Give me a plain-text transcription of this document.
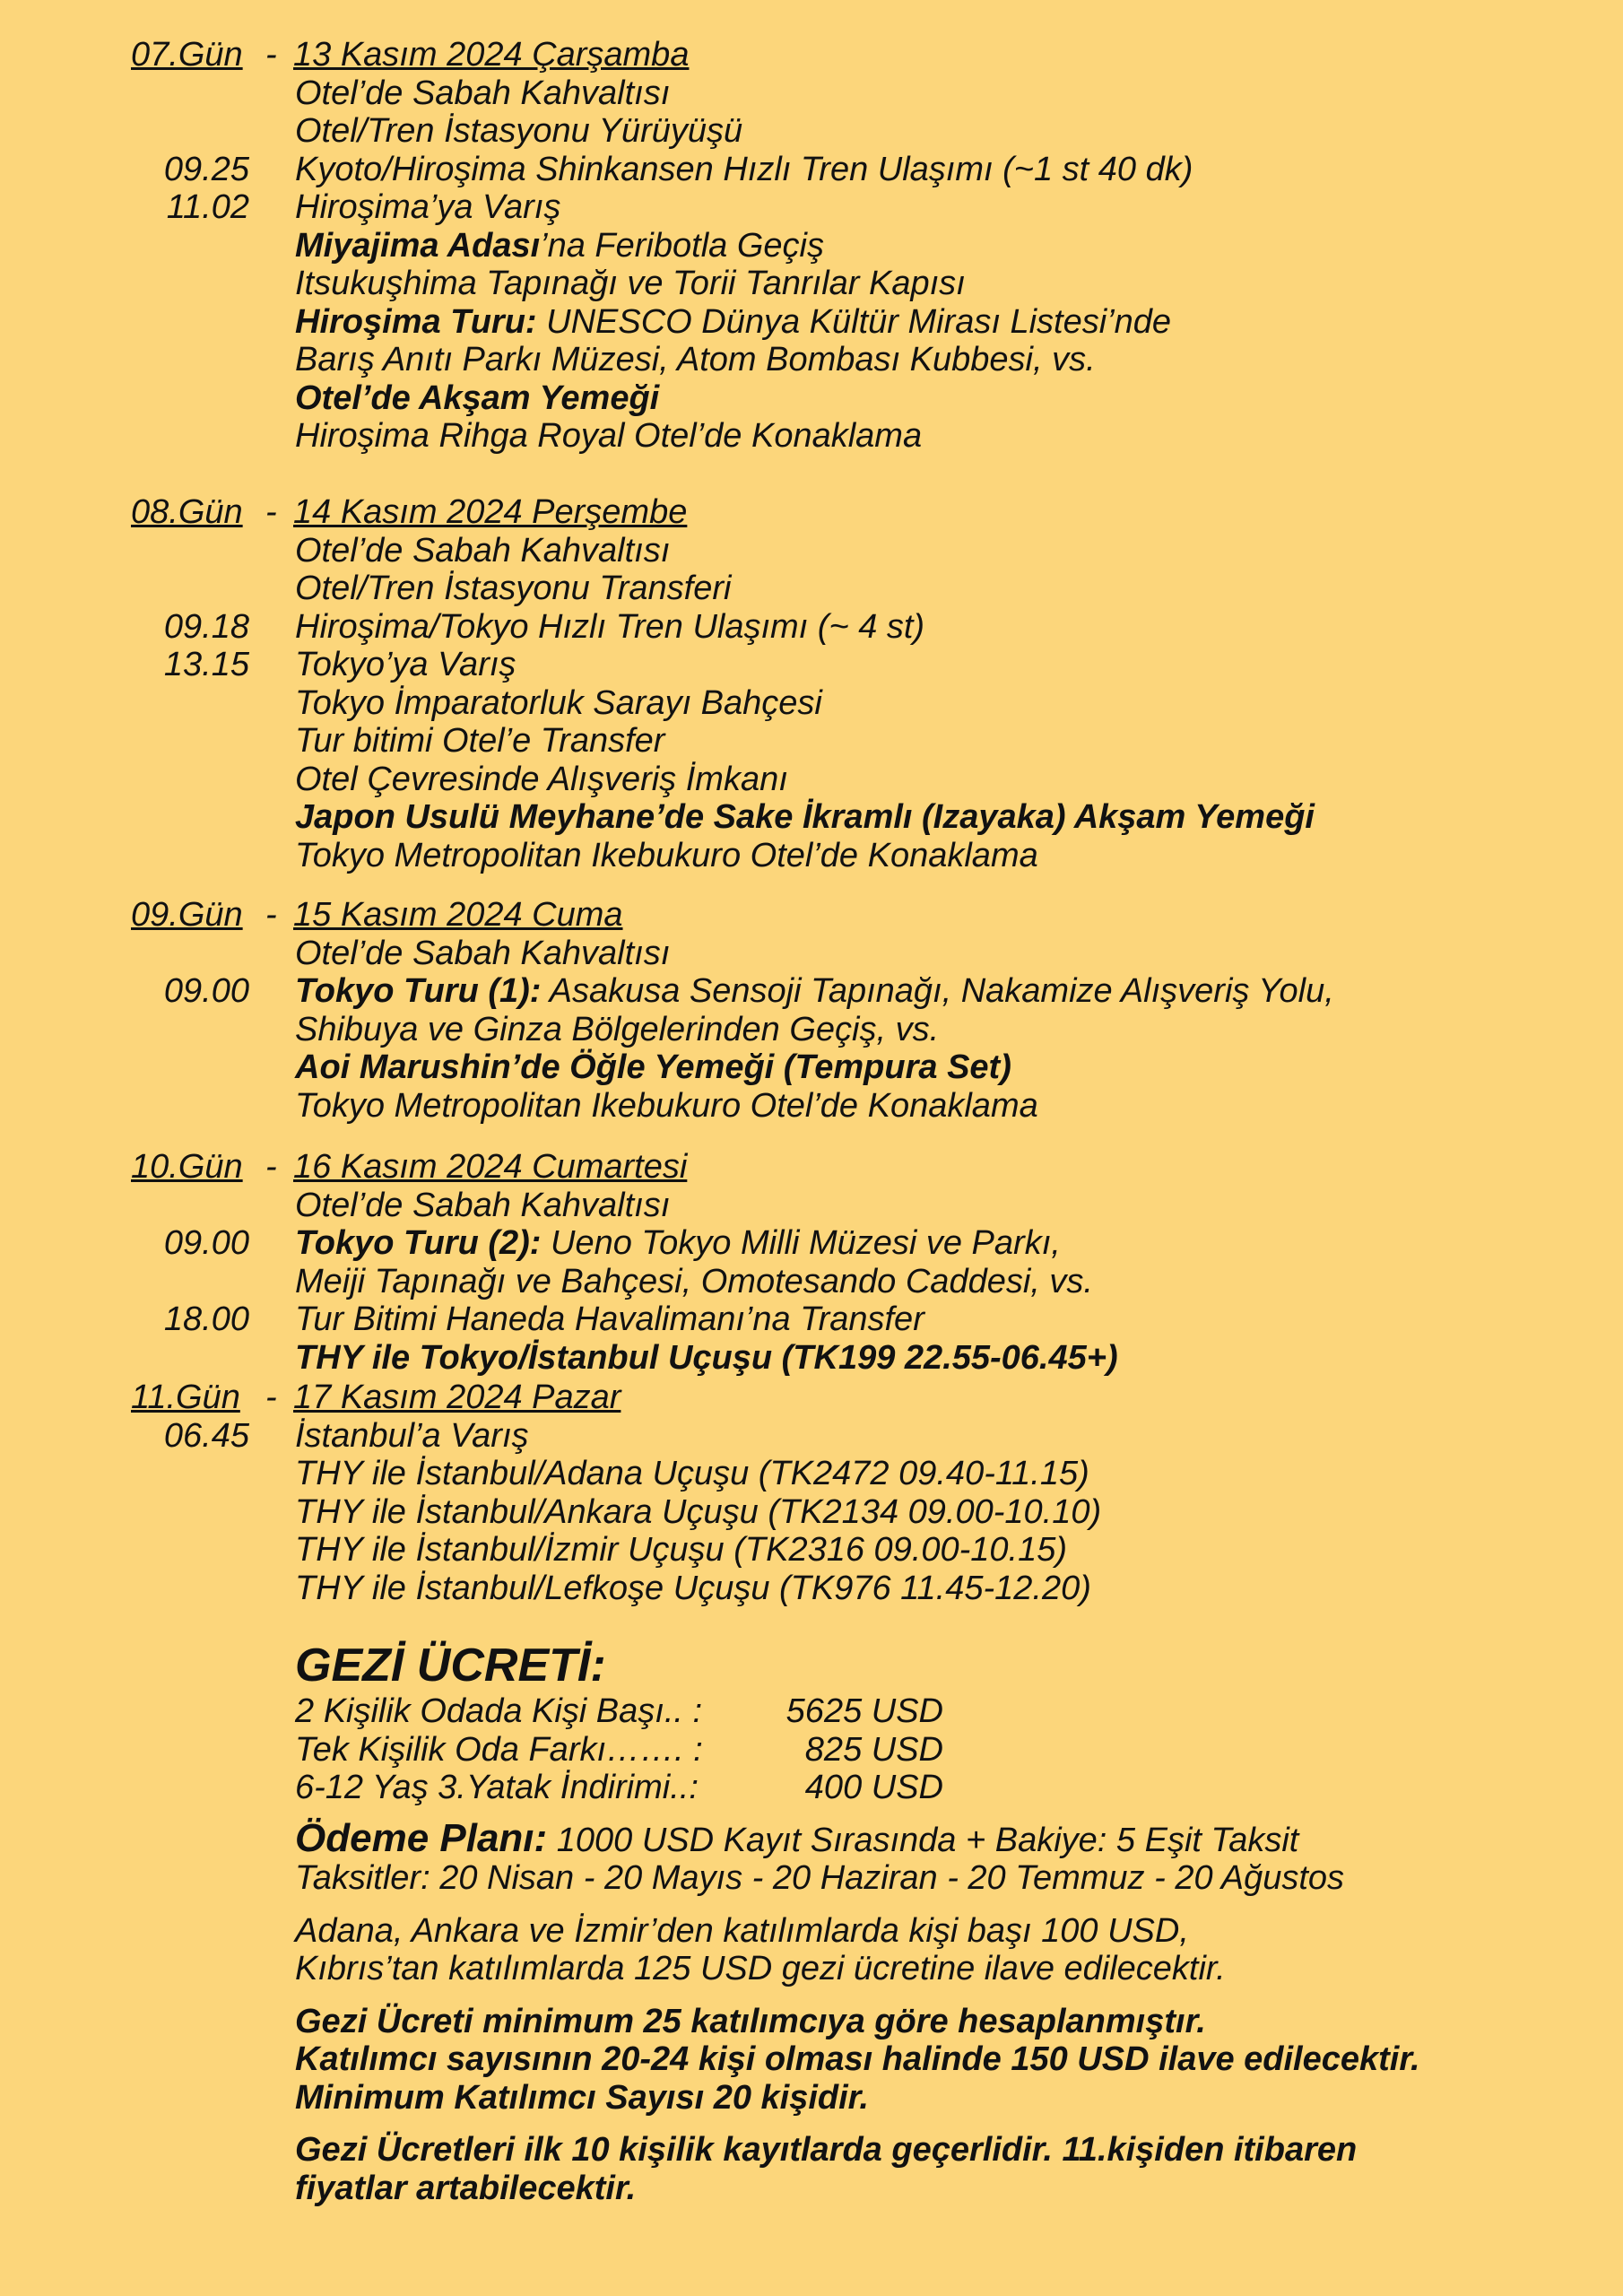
07.Gün - 13 Kasım 2024 Çarşamba
Otel’de Sabah Kahvaltısı
Otel/Tren İstasyonu Yürüyüşü
09.25 Kyoto/Hiroşima Shinkansen Hızlı Tren Ulaşımı (~1 st 40 dk)
11.02 Hiroşima’ya Varış
Miyajima Adası’na Feribotla Geçiş
Itsukuşhima Tapınağı ve Torii Tanrılar Kapısı
Hiroşima Turu: UNESCO Dünya Kültür Mirası Listesi’nde
Barış Anıtı Parkı Müzesi, Atom Bombası Kubbesi, vs.
Otel’de Akşam Yemeği
Hiroşima Rihga Royal Otel’de Konaklama
08.Gün - 14 Kasım 2024 Perşembe
Otel’de Sabah Kahvaltısı
Otel/Tren İstasyonu Transferi
09.18 Hiroşima/Tokyo Hızlı Tren Ulaşımı (~ 4 st)
13.15 Tokyo’ya Varış
Tokyo İmparatorluk Sarayı Bahçesi
Tur bitimi Otel’e Transfer
Otel Çevresinde Alışveriş İmkanı
Japon Usulü Meyhane’de Sake İkramlı (Izayaka) Akşam Yemeği
Tokyo Metropolitan Ikebukuro Otel’de Konaklama
09.Gün - 15 Kasım 2024 Cuma
Otel’de Sabah Kahvaltısı
09.00 Tokyo Turu (1): Asakusa Sensoji Tapınağı, Nakamize Alışveriş Yolu,
Shibuya ve Ginza Bölgelerinden Geçiş, vs.
Aoi Marushin’de Öğle Yemeği (Tempura Set)
Tokyo Metropolitan Ikebukuro Otel’de Konaklama
10.Gün - 16 Kasım 2024 Cumartesi
Otel’de Sabah Kahvaltısı
09.00 Tokyo Turu (2): Ueno Tokyo Milli Müzesi ve Parkı,
Meiji Tapınağı ve Bahçesi, Omotesando Caddesi, vs.
18.00 Tur Bitimi Haneda Havalimanı’na Transfer
THY ile Tokyo/İstanbul Uçuşu (TK199 22.55-06.45+)
11.Gün - 17 Kasım 2024 Pazar
06.45 İstanbul’a Varış
THY ile İstanbul/Adana Uçuşu (TK2472 09.40-11.15)
THY ile İstanbul/Ankara Uçuşu (TK2134 09.00-10.10)
THY ile İstanbul/İzmir Uçuşu (TK2316 09.00-10.15)
THY ile İstanbul/Lefkoşe Uçuşu (TK976 11.45-12.20)
GEZİ ÜCRETİ:
2 Kişilik Odada Kişi Başı.. :	5625 USD
Tek Kişilik Oda Farkı……. :	825 USD
6-12 Yaş 3.Yatak İndirimi..:	400 USD
Ödeme Planı: 1000 USD Kayıt Sırasında + Bakiye: 5 Eşit Taksit
Taksitler: 20 Nisan - 20 Mayıs - 20 Haziran - 20 Temmuz - 20 Ağustos
Adana, Ankara ve İzmir’den katılımlarda kişi başı 100 USD,
Kıbrıs’tan katılımlarda 125 USD gezi ücretine ilave edilecektir.
Gezi Ücreti minimum 25 katılımcıya göre hesaplanmıştır.
Katılımcı sayısının 20-24 kişi olması halinde 150 USD ilave edilecektir.
Minimum Katılımcı Sayısı 20 kişidir.
Gezi Ücretleri ilk 10 kişilik kayıtlarda geçerlidir. 11.kişiden itibaren
fiyatlar artabilecektir.
